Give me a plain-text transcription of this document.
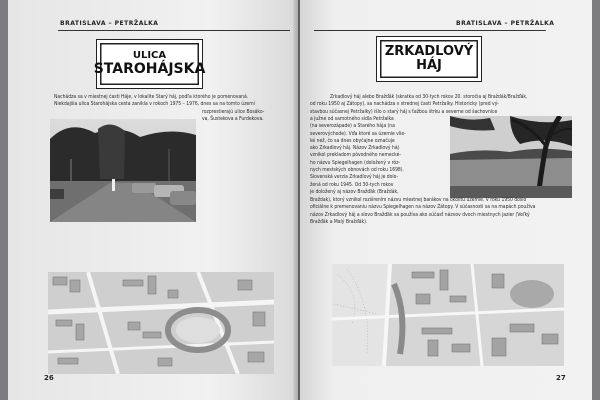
BRATISLAVA – PETRŽALKA
ULICA
STAROHÁJSKA
Nachádza sa v miestnej časti Háje, v lokalite Starý háj, podľa ktorého je pomenovaná.
Niekdajšia ulica Starohájska cesta zanikla v rokoch 1975 – 1976, dnes sa na tomto území
rozprestierajú ulice Bosáko-
va, Šustekova a Furdekova.
26
BRATISLAVA – PETRŽALKA
ZRKADLOVÝ
HÁJ
Zrkadlový háj alebo Bražďák (skratka od 30-tych rokov 20. storočia aj Braždák/Bražďák,
od roku 1950 aj Zátopy), sa nachádza v strednej časti Petržalky. Historicky (pred vý-
stavbou súčasnej Petržalky) išlo o starý háj s ťažbou štrku a severne od šachovnice
a južne od samotného sídla Petržalka
(na severozápade) a Starého hája (na
severovýchode). Vďa ktoré sa územie vlie-
ké než, čo sa dnes obyčajne označuje
ako Zrkadlový háj. Názov Zrkadlový háj
vznikol prekladom pôvodného nemecké-
ho názvu Spiegelhagen (doložený v rôz-
nych mestských obnovách od roku 1698).
Slovenská verzia Zrkadlový háj je dolo-
žená od roku 1945. Od 30-tych rokov
je doložený aj názov Bražďák (Braždák,
Braždak), ktorý vznikol rozšírením názvu miestnej barákov na okolitú územie. V roku 1950 došlo
oficiálne k premenovaniu názvu Spiegelhagen na názov Zátopy. V súčasnosti sa na mapách používa
názov Zrkadlový háj a slovo Bražďák sa používa ako súčasť názvov dvoch miestnych jazier (Veľký
Bražďák a Malý Bražďák).
27
